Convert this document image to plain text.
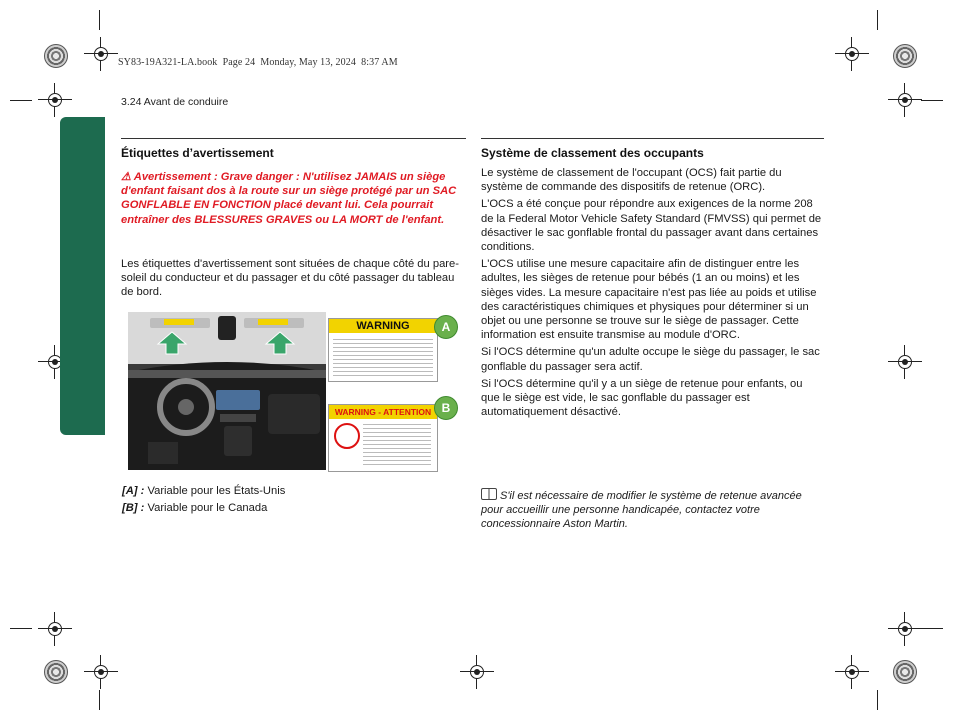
SY83-19A321-LA.book  Page 24  Monday, May 13, 2024  8:37 AM
3.24 Avant de conduire
Étiquettes d’avertissement
⚠ Avertissement : Grave danger : N'utilisez JAMAIS un siège d'enfant faisant dos à la route sur un siège protégé par un SAC GONFLABLE EN FONCTION placé devant lui. Cela pourrait entraîner des BLESSURES GRAVES ou LA MORT de l'enfant.

Les étiquettes d'avertissement sont situées de chaque côté du pare-soleil du conducteur et du passager et du côté passager du tableau de bord.

WARNING	A
WARNING - ATTENTION B
[A] : Variable pour les États-Unis
[B] : Variable pour le Canada
Système de classement des occupants

Le système de classement de l'occupant (OCS) fait partie du système de commande des dispositifs de retenue (ORC).

L'OCS a été conçue pour répondre aux exigences de la norme 208 de la Federal Motor Vehicle Safety Standard (FMVSS) qui permet de désactiver le sac gonflable frontal du passager avant dans certaines conditions.

L'OCS utilise une mesure capacitaire afin de distinguer entre les adultes, les sièges de retenue pour bébés (1 an ou moins) et les sièges vides. La mesure capacitaire n'est pas liée au poids et utilise des caractéristiques chimiques et physiques pour déterminer si un objet ou une personne se trouve sur le siège de passager. Cette information est ensuite transmise au module d'ORC.

Si l'OCS détermine qu'un adulte occupe le siège du passager, le sac gonflable du passager sera actif.

Si l'OCS détermine qu'il y a un siège de retenue pour enfants, ou que le siège est vide, le sac gonflable du passager est automatiquement désactivé.

S'il est nécessaire de modifier le système de retenue avancée pour accueillir une personne handicapée, contactez votre concessionnaire Aston Martin.
